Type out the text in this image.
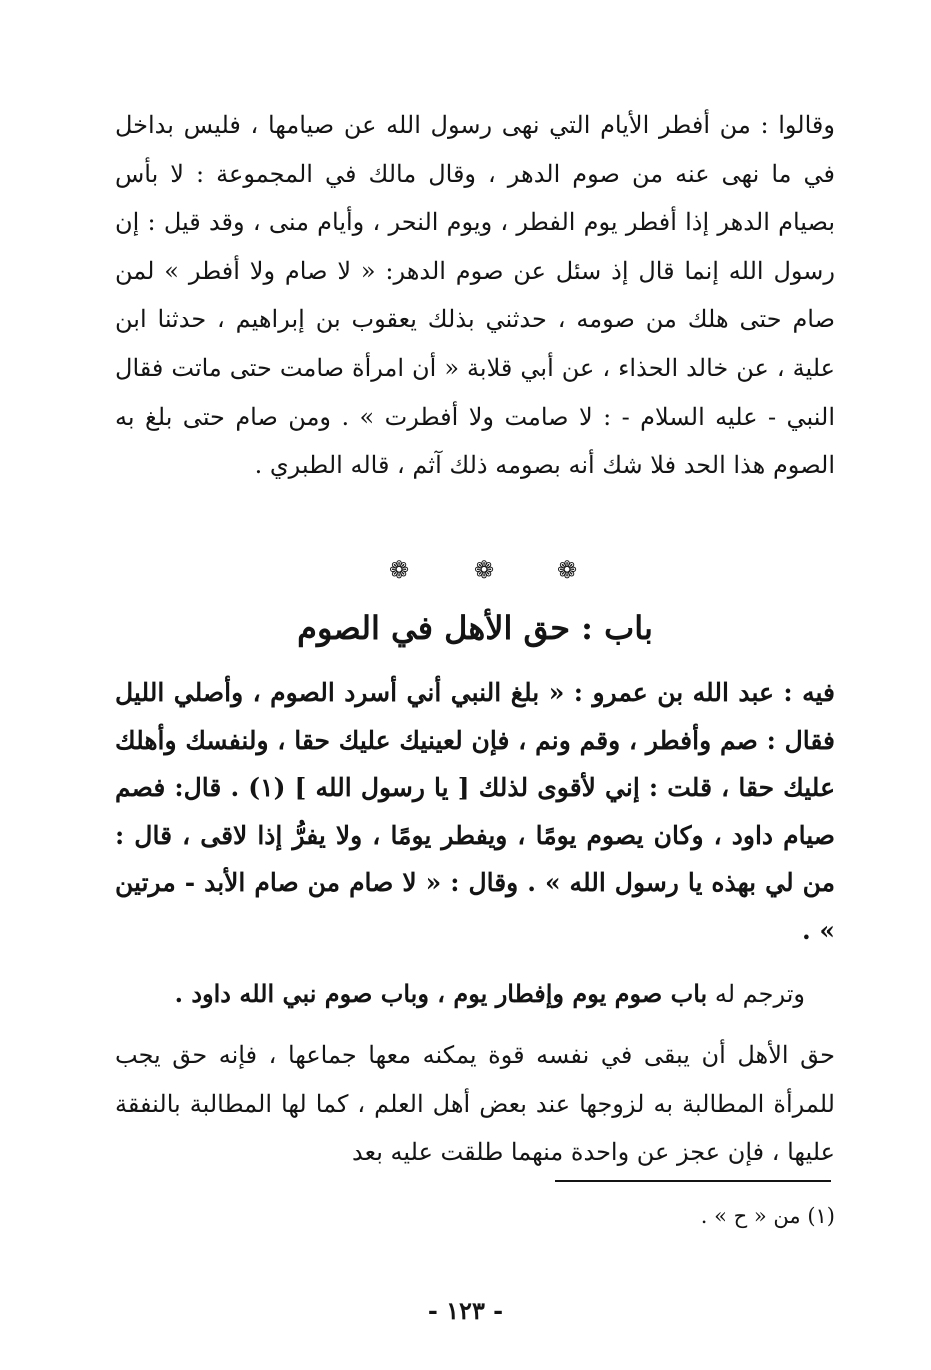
وقالوا : من أفطر الأيام التي نهى رسول الله عن صيامها ، فليس بداخل في ما نهى عنه من صوم الدهر ، وقال مالك في المجموعة : لا بأس بصيام الدهر إذا أفطر يوم الفطر ، ويوم النحر ، وأيام منى ، وقد قيل : إن رسول الله إنما قال إذ سئل عن صوم الدهر: « لا صام ولا أفطر » لمن صام حتى هلك من صومه ، حدثني بذلك يعقوب بن إبراهيم ، حدثنا ابن علية ، عن خالد الحذاء ، عن أبي قلابة « أن امرأة صامت حتى ماتت فقال النبي - عليه السلام - : لا صامت ولا أفطرت » . ومن صام حتى بلغ به الصوم هذا الحد فلا شك أنه بصومه ذلك آثم ، قاله الطبري .

❁	❁	❁
باب : حق الأهل في الصوم

فيه : عبد الله بن عمرو : « بلغ النبي أني أسرد الصوم ، وأصلي الليل فقال : صم وأفطر ، وقم ونم ، فإن لعينيك عليك حقا ، ولنفسك وأهلك عليك حقا ، قلت : إني لأقوى لذلك [ يا رسول الله ] (١) . قال: فصم صيام داود ، وكان يصوم يومًا ، ويفطر يومًا ، ولا يفرُّ إذا لاقى ، قال : من لي بهذه يا رسول الله » . وقال : « لا صام من صام الأبد - مرتين » .

وترجم له باب صوم يوم وإفطار يوم ، وباب صوم نبي الله داود .

حق الأهل أن يبقى في نفسه قوة يمكنه معها جماعها ، فإنه حق يجب للمرأة المطالبة به لزوجها عند بعض أهل العلم ، كما لها المطالبة بالنفقة عليها ، فإن عجز عن واحدة منهما طلقت عليه بعد

(١) من « ح » .
- ١٢٣ -
